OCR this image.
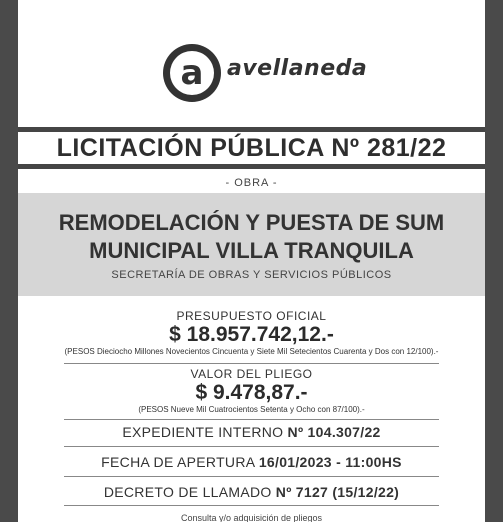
a	avellaneda
LICITACIÓN PÚBLICA Nº 281/22
- OBRA -
REMODELACIÓN Y PUESTA DE SUM
MUNICIPAL VILLA TRANQUILA
SECRETARÍA DE OBRAS Y SERVICIOS PÚBLICOS
PRESUPUESTO OFICIAL
$ 18.957.742,12.-
(PESOS Dieciocho Millones Novecientos Cincuenta y Siete Mil Setecientos Cuarenta y Dos con 12/100).-
VALOR DEL PLIEGO
$ 9.478,87.-
(PESOS Nueve Mil Cuatrocientos Setenta y Ocho con 87/100).-
EXPEDIENTE INTERNO Nº 104.307/22
FECHA DE APERTURA 16/01/2023 - 11:00HS
DECRETO DE LLAMADO Nº 7127 (15/12/22)
Consulta y/o adquisición de pliegos
